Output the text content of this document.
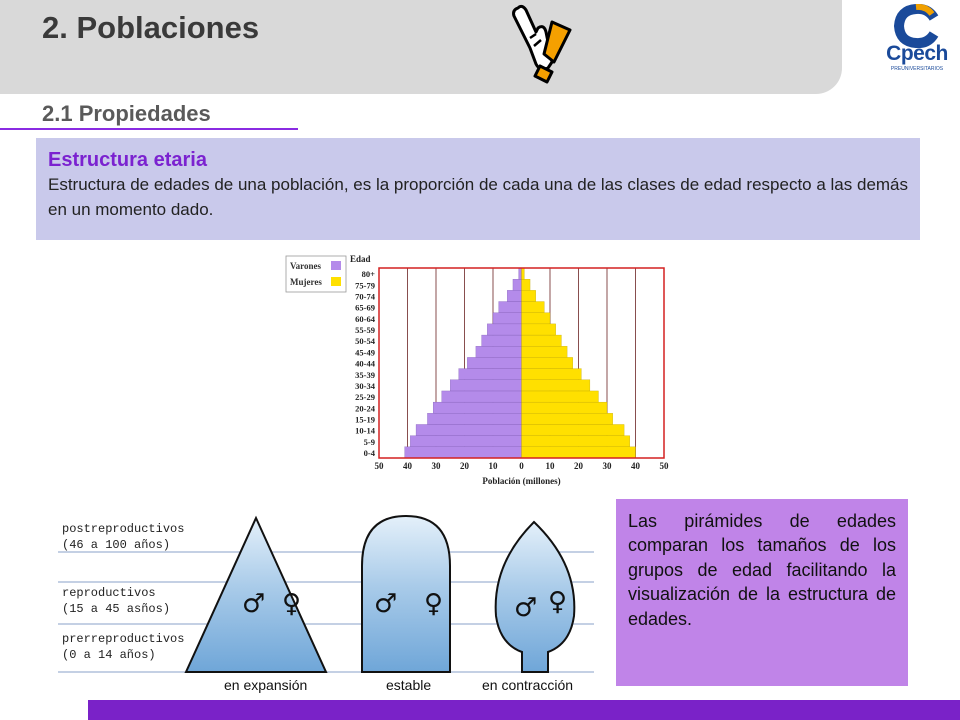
2. Poblaciones
Cpech
PREUNIVERSITARIOS
2.1 Propiedades
Estructura etaria
Estructura de edades de una población, es la proporción de cada una de las clases de edad respecto a las demás en un momento dado.
Varones
Mujeres
Edad
0-4
5-9
10-14
15-19
20-24
25-29
30-34
35-39
40-44
45-49
50-54
55-59
60-64
65-69
70-74
75-79
80+
50 40 30 20 10 0 10 20 30 40 50
Población (millones)
♂ ♀	♂ ♀	♂ ♀
postreproductivos
(46 a 100 años)
reproductivos
(15 a 45 asños)
prerreproductivos
(0 a 14 años)
en expansión	estable	en contracción
Las pirámides de edades comparan los tamaños de los grupos de edad facilitando la visualización de la estructura de edades.
